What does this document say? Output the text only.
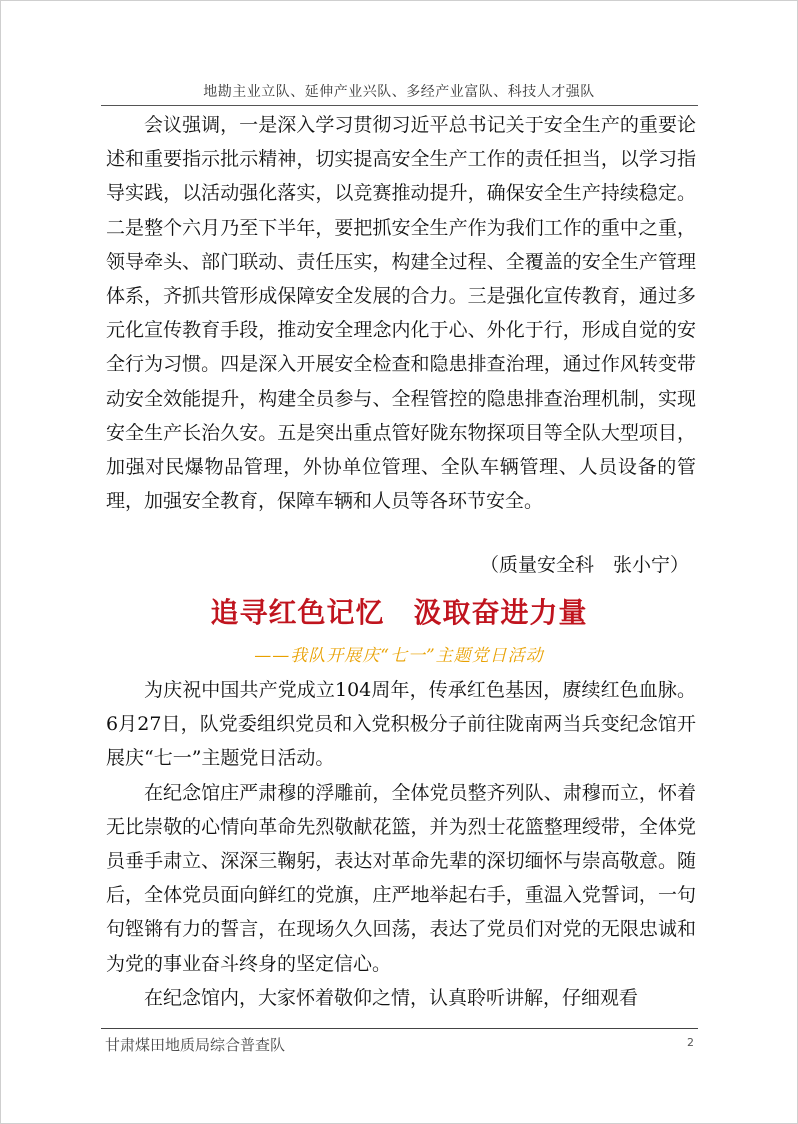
地勘主业立队、延伸产业兴队、多经产业富队、科技人才强队

会议强调，一是深入学习贯彻习近平总书记关于安全生产的重要论述和重要指示批示精神，切实提高安全生产工作的责任担当，以学习指导实践，以活动强化落实，以竞赛推动提升，确保安全生产持续稳定。二是整个六月乃至下半年，要把抓安全生产作为我们工作的重中之重，领导牵头、部门联动、责任压实，构建全过程、全覆盖的安全生产管理体系，齐抓共管形成保障安全发展的合力。三是强化宣传教育，通过多元化宣传教育手段，推动安全理念内化于心、外化于行，形成自觉的安全行为习惯。四是深入开展安全检查和隐患排查治理，通过作风转变带动安全效能提升，构建全员参与、全程管控的隐患排查治理机制，实现安全生产长治久安。五是突出重点管好陇东物探项目等全队大型项目，加强对民爆物品管理，外协单位管理、全队车辆管理、人员设备的管理，加强安全教育，保障车辆和人员等各环节安全。

（质量安全科　张小宁）
追寻红色记忆　汲取奋进力量
——我队开展庆“七一”主题党日活动

为庆祝中国共产党成立104周年，传承红色基因，赓续红色血脉。6月27日，队党委组织党员和入党积极分子前往陇南两当兵变纪念馆开展庆“七一”主题党日活动。

在纪念馆庄严肃穆的浮雕前，全体党员整齐列队、肃穆而立，怀着无比崇敬的心情向革命先烈敬献花篮，并为烈士花篮整理绶带，全体党员垂手肃立、深深三鞠躬，表达对革命先辈的深切缅怀与崇高敬意。随后，全体党员面向鲜红的党旗，庄严地举起右手，重温入党誓词，一句句铿锵有力的誓言，在现场久久回荡，表达了党员们对党的无限忠诚和为党的事业奋斗终身的坚定信心。

在纪念馆内，大家怀着敬仰之情，认真聆听讲解，仔细观看

甘肃煤田地质局综合普查队	2
